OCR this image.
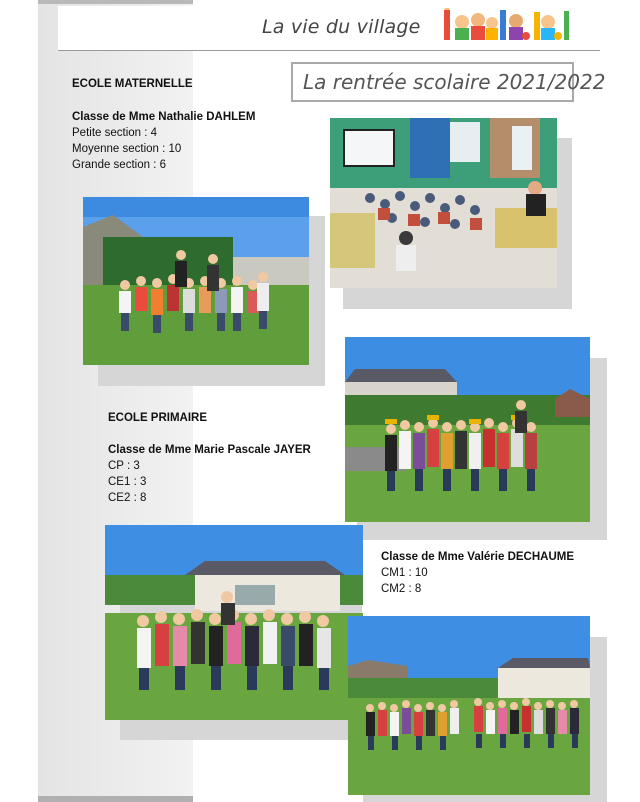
La vie du village
La rentrée scolaire 2021/2022
ECOLE MATERNELLE
Classe de Mme Nathalie DAHLEM
Petite section : 4
Moyenne section : 10
Grande section : 6
ECOLE PRIMAIRE
Classe de Mme Marie Pascale JAYER
CP : 3
CE1 : 3
CE2 : 8
Classe de Mme Valérie DECHAUME
CM1 : 10
CM2 : 8
